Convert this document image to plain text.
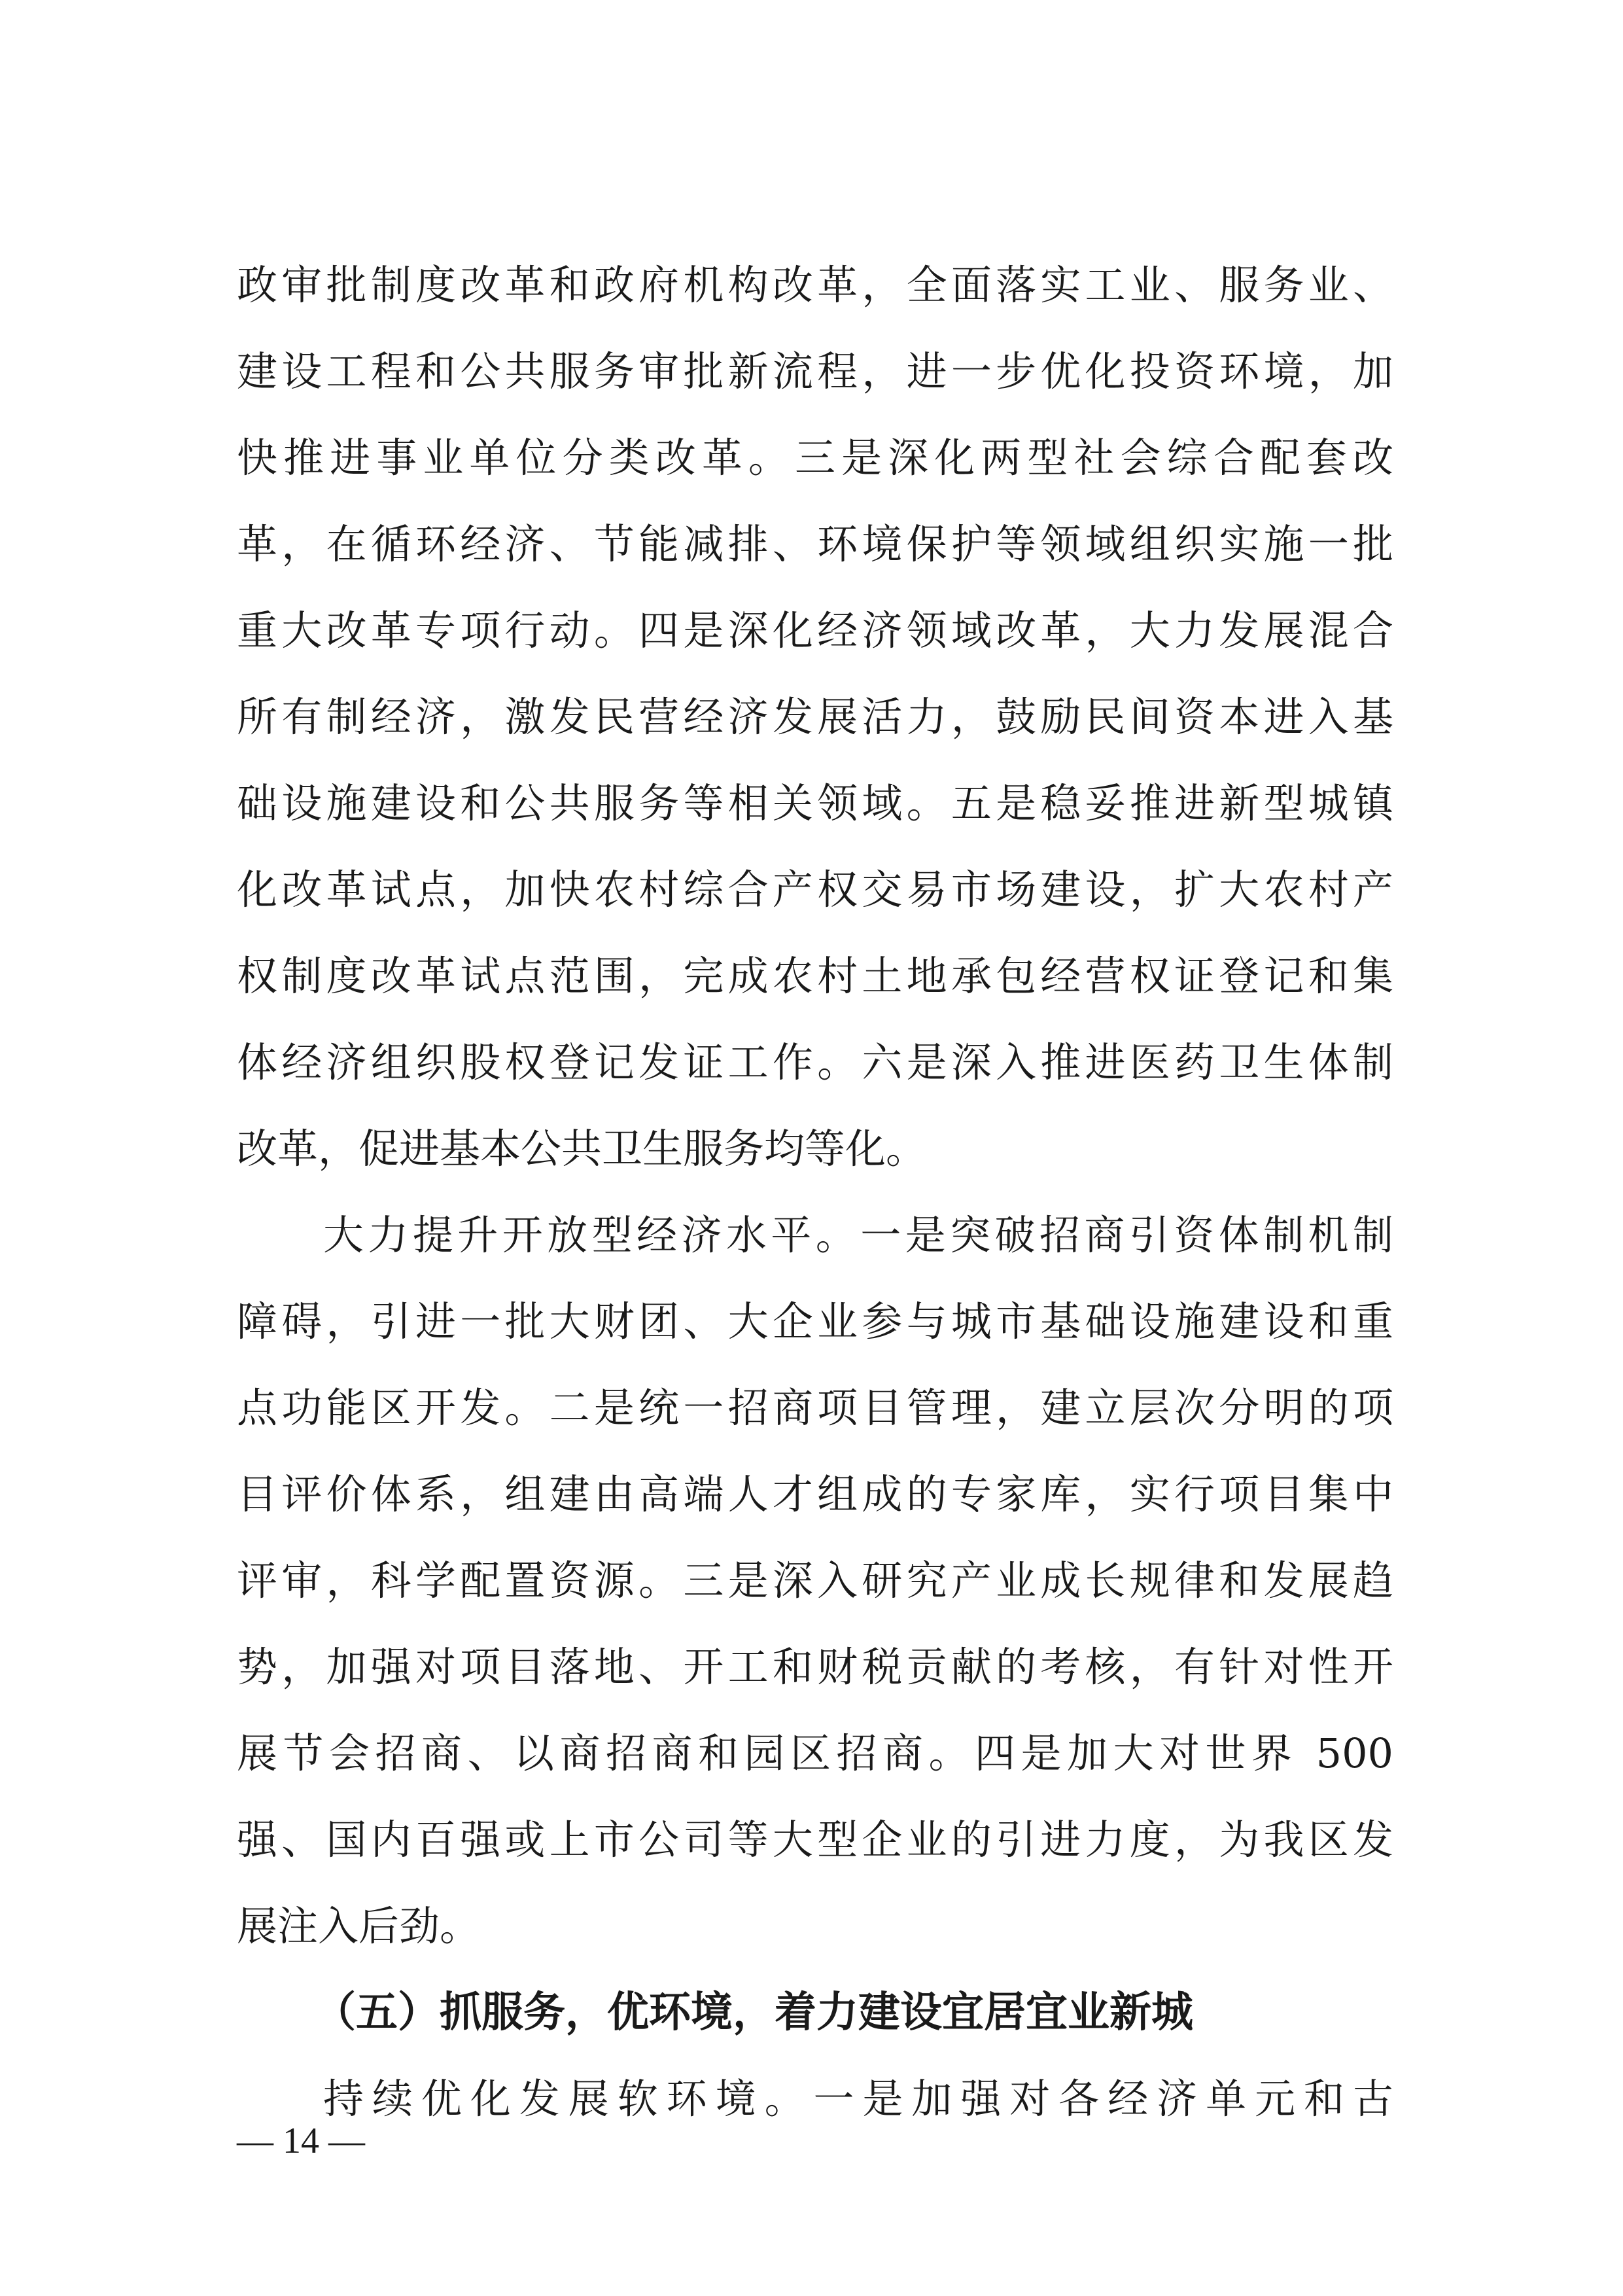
政审批制度改革和政府机构改革，全面落实工业、服务业、
建设工程和公共服务审批新流程，进一步优化投资环境，加
快推进事业单位分类改革。三是深化两型社会综合配套改
革，在循环经济、节能减排、环境保护等领域组织实施一批
重大改革专项行动。四是深化经济领域改革，大力发展混合
所有制经济，激发民营经济发展活力，鼓励民间资本进入基
础设施建设和公共服务等相关领域。五是稳妥推进新型城镇
化改革试点，加快农村综合产权交易市场建设，扩大农村产
权制度改革试点范围，完成农村土地承包经营权证登记和集
体经济组织股权登记发证工作。六是深入推进医药卫生体制
改革，促进基本公共卫生服务均等化。
大力提升开放型经济水平。一是突破招商引资体制机制
障碍，引进一批大财团、大企业参与城市基础设施建设和重
点功能区开发。二是统一招商项目管理，建立层次分明的项
目评价体系，组建由高端人才组成的专家库，实行项目集中
评审，科学配置资源。三是深入研究产业成长规律和发展趋
势，加强对项目落地、开工和财税贡献的考核，有针对性开
展节会招商、以商招商和园区招商。四是加大对世界 500
强、国内百强或上市公司等大型企业的引进力度，为我区发
展注入后劲。
（五）抓服务，优环境，着力建设宜居宜业新城
持续优化发展软环境。一是加强对各经济单元和古
— 14 —
